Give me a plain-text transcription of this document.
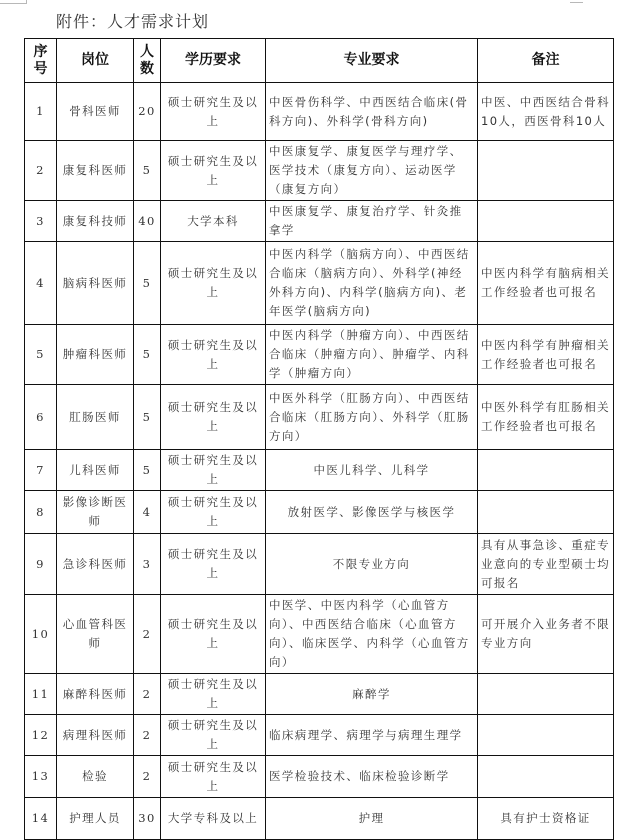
附件：人才需求计划
序号	岗位	人数	学历要求	专业要求	备注
1	骨科医师	20	硕士研究生及以上	中医骨伤科学、中西医结合临床(骨科方向)、外科学(骨科方向)	中医、中西医结合骨科10人，西医骨科10人
2	康复科医师	5	硕士研究生及以上	中医康复学、康复医学与理疗学、医学技术（康复方向）、运动医学（康复方向）	
3	康复科技师	40	大学本科	中医康复学、康复治疗学、针灸推拿学	
4	脑病科医师	5	硕士研究生及以上	中医内科学（脑病方向）、中西医结合临床（脑病方向）、外科学(神经外科方向)、内科学(脑病方向)、老年医学(脑病方向)	中医内科学有脑病相关工作经验者也可报名
5	肿瘤科医师	5	硕士研究生及以上	中医内科学（肿瘤方向）、中西医结合临床（肿瘤方向）、肿瘤学、内科学（肿瘤方向）	中医内科学有肿瘤相关工作经验者也可报名
6	肛肠医师	5	硕士研究生及以上	中医外科学（肛肠方向）、中西医结合临床（肛肠方向）、外科学（肛肠方向）	中医外科学有肛肠相关工作经验者也可报名
7	儿科医师	5	硕士研究生及以上	中医儿科学、儿科学	
8	影像诊断医师	4	硕士研究生及以上	放射医学、影像医学与核医学	
9	急诊科医师	3	硕士研究生及以上	不限专业方向	具有从事急诊、重症专业意向的专业型硕士均可报名
10	心血管科医师	2	硕士研究生及以上	中医学、中医内科学（心血管方向）、中西医结合临床（心血管方向）、临床医学、内科学（心血管方向）	可开展介入业务者不限专业方向
11	麻醉科医师	2	硕士研究生及以上	麻醉学	
12	病理科医师	2	硕士研究生及以上	临床病理学、病理学与病理生理学	
13	检验	2	硕士研究生及以上	医学检验技术、临床检验诊断学	
14	护理人员	30	大学专科及以上	护理	具有护士资格证
